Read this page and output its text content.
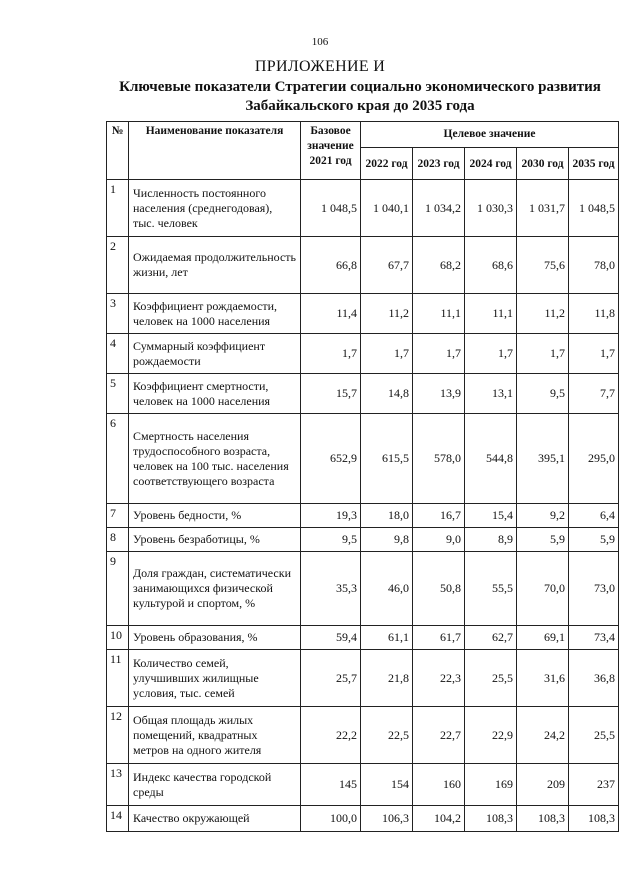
106
ПРИЛОЖЕНИЕ И
Ключевые показатели Стратегии социально экономического развития
Забайкальского края до 2035 года
№	Наименование показателя	Базовое значение 2021 год	Целевое значение				
			2022 год	2023 год	2024 год	2030 год	2035 год
1	Численность постоянного населения (среднегодовая), тыс. человек	1 048,5	1 040,1	1 034,2	1 030,3	1 031,7	1 048,5
2	Ожидаемая продолжительность жизни, лет	66,8	67,7	68,2	68,6	75,6	78,0
3	Коэффициент рождаемости, человек на 1000 населения	11,4	11,2	11,1	11,1	11,2	11,8
4	Суммарный коэффициент рождаемости	1,7	1,7	1,7	1,7	1,7	1,7
5	Коэффициент смертности, человек на 1000 населения	15,7	14,8	13,9	13,1	9,5	7,7
6	Смертность населения трудоспособного возраста, человек на 100 тыс. населения соответствующего возраста	652,9	615,5	578,0	544,8	395,1	295,0
7	Уровень бедности, %	19,3	18,0	16,7	15,4	9,2	6,4
8	Уровень безработицы, %	9,5	9,8	9,0	8,9	5,9	5,9
9	Доля граждан, систематически занимающихся физической культурой и спортом, %	35,3	46,0	50,8	55,5	70,0	73,0
10	Уровень образования, %	59,4	61,1	61,7	62,7	69,1	73,4
11	Количество семей, улучшивших жилищные условия, тыс. семей	25,7	21,8	22,3	25,5	31,6	36,8
12	Общая площадь жилых помещений, квадратных метров на одного жителя	22,2	22,5	22,7	22,9	24,2	25,5
13	Индекс качества городской среды	145	154	160	169	209	237
14	Качество окружающей	100,0	106,3	104,2	108,3	108,3	108,3
